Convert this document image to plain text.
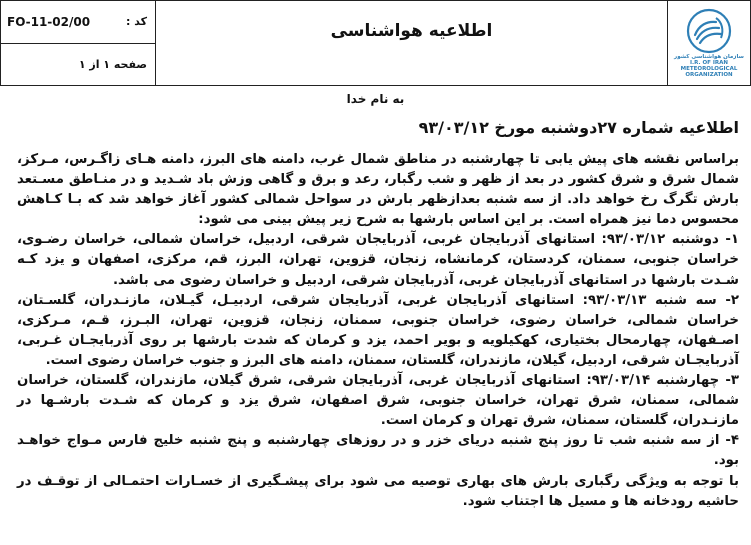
FO-11-02/00	کد :
صفحه ۱ از ۱
اطلاعیه هواشناسی
سازمان هواشناسی کشور
I.R. OF IRAN
METEOROLOGICAL
ORGANIZATION
به نام خدا
اطلاعیه شماره ۲۷دوشنبه مورخ ۹۳/۰۳/۱۲

براساس نقشه های پیش یابی تا چهارشنبه در مناطق شمال غرب، دامنه های البرز، دامنه هـای زاگـرس، مـرکز، شمال شرق و شرق کشور در بعد از ظهر و شب رگبار، رعد و برق و گاهی وزش باد شـدید و در منـاطق مسـتعد بارش تگرگ رخ خواهد داد. از سه شنبه بعدازظهر بارش در سواحل شمالی کشور آغاز خواهد شد که بـا کـاهش محسوس دما نیز همراه است. بر این اساس بارشها به شرح زیر پیش بینی می شود:

۱- دوشنبه ۹۳/۰۳/۱۲: استانهای آذربایجان غربی، آذربایجان شرقی، اردبیل، خراسان شمالی، خراسان رضـوی، خراسان جنوبی، سمنان، کردستان، کرمانشاه، زنجان، قزوین، تهران، البرز، قم، مرکزی، اصفهان و یزد کـه شـدت بارشها در استانهای آذربایجان غربی، آذربایجان شرقی، اردبیل و خراسان رضوی می باشد.

۲- سه شنبه ۹۳/۰۳/۱۳: استانهای آذربایجان غربی، آذربایجان شرقی، اردبیـل، گیـلان، مازنـدران، گلسـتان، خراسان شمالی، خراسان رضوی، خراسان جنوبی، سمنان، زنجان، قزوین، تهران، البـرز، قـم، مـرکزی، اصـفهان، چهارمحال بختیاری، کهکیلویه و بویر احمد، یزد و کرمان که شدت بارشها بر روی آذربایجـان غـربی، آذربایجـان شرقی، اردبیل، گیلان، مازندران، گلستان، سمنان، دامنه های البرز و جنوب خراسان رضوی است.

۳- چهارشنبه ۹۳/۰۳/۱۴: استانهای آذربایجان غربی، آذربایجان شرقی، شرق گیلان، مازندران، گلستان، خراسان شمالی، سمنان، شرق تهران، خراسان جنوبی، شرق اصفهان، شرق یزد و کرمان که شـدت بارشـها در مازنـدران، گلستان، سمنان، شرق تهران و کرمان است.

۴- از سه شنبه شب تا روز پنج شنبه دریای خزر و در روزهای چهارشنبه و پنج شنبه خلیج فارس مـواج خواهـد بود.

با توجه به ویژگی رگباری بارش های بهاری توصیه می شود برای پیشـگیری از خسـارات احتمـالی از توقـف در حاشیه رودخانه ها و مسیل ها اجتناب شود.
